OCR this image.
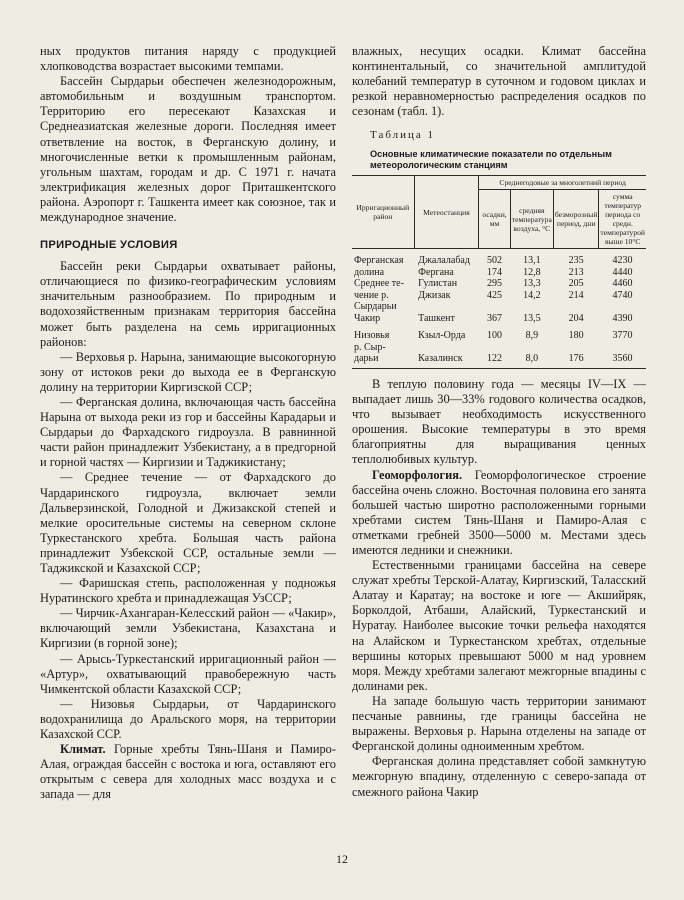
ных продуктов питания наряду с продукцией хлопководства возрастает высокими темпами.

Бассейн Сырдарьи обеспечен железнодорожным, автомобильным и воздушным транспортом. Территорию его пересекают Казахская и Среднеазиатская железные дороги. Последняя имеет ответвление на восток, в Ферганскую долину, и многочисленные ветки к промышленным районам, угольным шахтам, городам и др. С 1971 г. начата электрификация железных дорог Приташкентского района. Аэропорт г. Ташкента имеет как союзное, так и международное значение.

ПРИРОДНЫЕ УСЛОВИЯ

Бассейн реки Сырдарьи охватывает районы, отличающиеся по физико-географическим условиям значительным разнообразием. По природным и водохозяйственным признакам территория бассейна может быть разделена на семь ирригационных районов:

— Верховья р. Нарына, занимающие высокогорную зону от истоков реки до выхода ее в Ферганскую долину на территории Киргизской ССР;

— Ферганская долина, включающая часть бассейна Нарына от выхода реки из гор и бассейны Карадарьи и Сырдарьи до Фархадского гидроузла. В равнинной части район принадлежит Узбекистану, а в предгорной и горной частях — Киргизии и Таджикистану;

— Среднее течение — от Фархадского до Чардаринского гидроузла, включает земли Дальверзинской, Голодной и Джизакской степей и мелкие оросительные системы на северном склоне Туркестанского хребта. Большая часть района принадлежит Узбекской ССР, остальные земли — Таджикской и Казахской ССР;

— Фаришская степь, расположенная у подножья Нуратинского хребта и принадлежащая УзССР;

— Чирчик-Ахангаран-Келесский район — «Чакир», включающий земли Узбекистана, Казахстана и Киргизии (в горной зоне);

— Арысь-Туркестанский ирригационный район — «Артур», охватывающий правобережную часть Чимкентской области Казахской ССР;

— Низовья Сырдарьи, от Чардаринского водохранилища до Аральского моря, на территории Казахской ССР.

Климат. Горные хребты Тянь-Шаня и Памиро-Алая, ограждая бассейн с востока и юга, оставляют его открытым с севера для холодных масс воздуха и с запада — для

влажных, несущих осадки. Климат бассейна континентальный, со значительной амплитудой колебаний температур в суточном и годовом циклах и резкой неравномерностью распределения осадков по сезонам (табл. 1).

Таблица 1
Основные климатические показатели по отдельным метеорологическим станциям
Ирригационный район	Метеостанция	Среднегодовые за многолетний период			
		осадки, мм	средняя температура воздуха, °C	безморозный период, дни	сумма температур периода со средн. температурой выше 10°C
Ферганская	Джалалабад	502	13,1	235	4230
долина	Фергана	174	12,8	213	4440
Среднее те-	Гулистан	295	13,3	205	4460
чение р.	Джизак	425	14,2	214	4740
Сырдарьи					
Чакир	Ташкент	367	13,5	204	4390
Низовья	Кзыл-Орда	100	8,9	180	3770
р. Сыр-					
дарьи	Казалинск	122	8,0	176	3560

В теплую половину года — месяцы IV—IX — выпадает лишь 30—33% годового количества осадков, что вызывает необходимость искусственного орошения. Высокие температуры в это время благоприятны для выращивания ценных теплолюбивых культур.

Геоморфология. Геоморфологическое строение бассейна очень сложно. Восточная половина его занята большей частью широтно расположенными горными хребтами систем Тянь-Шаня и Памиро-Алая с отметками гребней 3500—5000 м. Местами здесь имеются ледники и снежники.

Естественными границами бассейна на севере служат хребты Терской-Алатау, Киргизский, Таласский Алатау и Каратау; на востоке и юге — Акшийряк, Борколдой, Атбаши, Алайский, Туркестанский и Нуратау. Наиболее высокие точки рельефа находятся на Алайском и Туркестанском хребтах, отдельные вершины которых превышают 5000 м над уровнем моря. Между хребтами залегают межгорные впадины с долинами рек.

На западе большую часть территории занимают песчаные равнины, где границы бассейна не выражены. Верховья р. Нарына отделены на западе от Ферганской долины одноименным хребтом.

Ферганская долина представляет собой замкнутую межгорную впадину, отделенную с северо-запада от смежного района Чакир

12
